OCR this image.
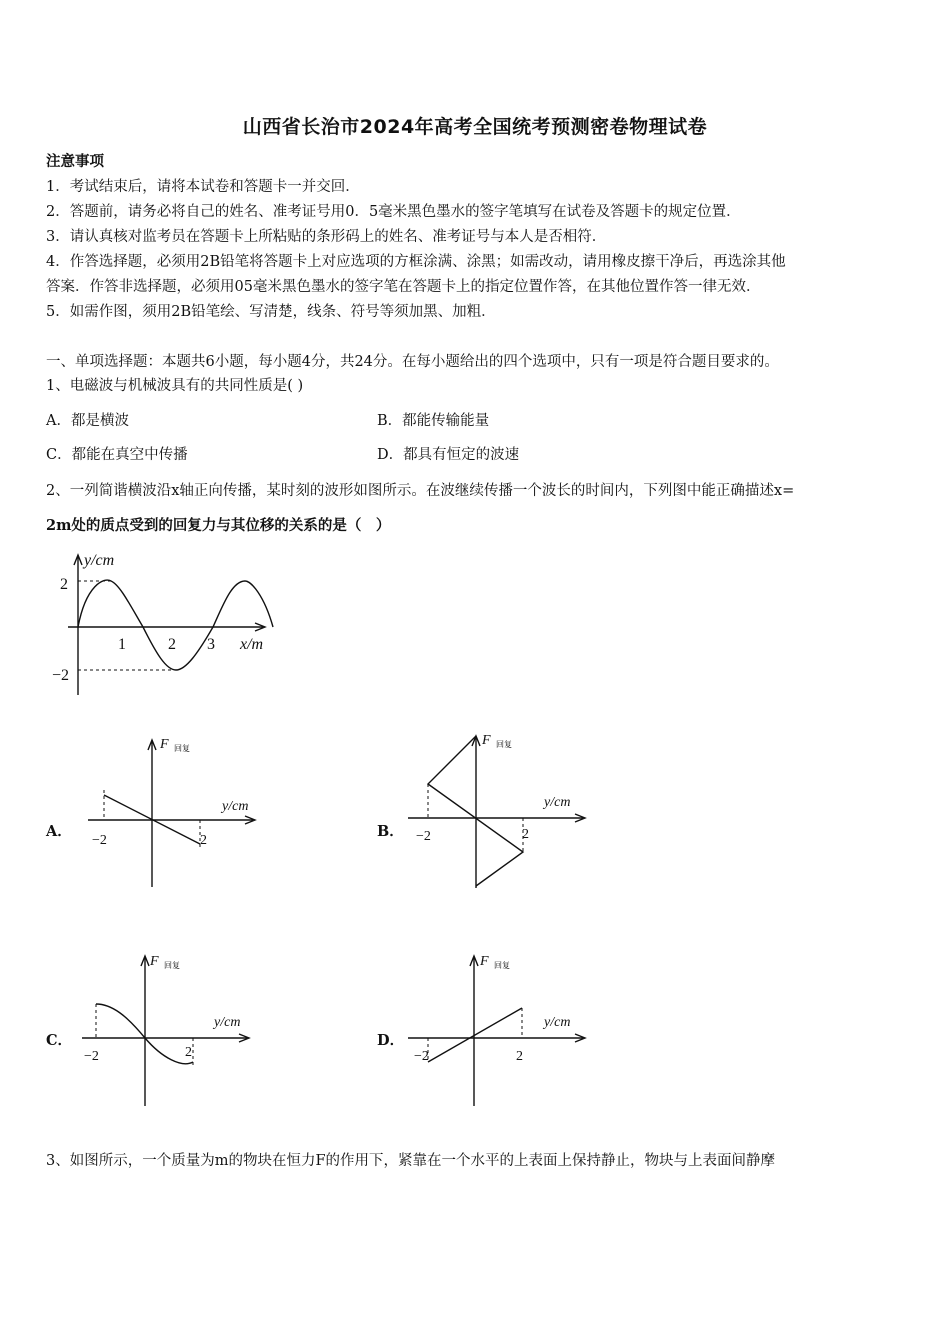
山西省长治市2024年高考全国统考预测密卷物理试卷
注意事项
1．考试结束后，请将本试卷和答题卡一并交回．
2．答题前，请务必将自己的姓名、准考证号用0．5毫米黑色墨水的签字笔填写在试卷及答题卡的规定位置．
3．请认真核对监考员在答题卡上所粘贴的条形码上的姓名、准考证号与本人是否相符．
4．作答选择题，必须用2B铅笔将答题卡上对应选项的方框涂满、涂黑；如需改动，请用橡皮擦干净后，再选涂其他
答案．作答非选择题，必须用05毫米黑色墨水的签字笔在答题卡上的指定位置作答，在其他位置作答一律无效．
5．如需作图，须用2B铅笔绘、写清楚，线条、符号等须加黑、加粗．
一、单项选择题：本题共6小题，每小题4分，共24分。在每小题给出的四个选项中，只有一项是符合题目要求的。
1、电磁波与机械波具有的共同性质是( )
A．都是横波	B．都能传输能量
C．都能在真空中传播	D．都具有恒定的波速
2、一列简谐横波沿x轴正向传播，某时刻的波形如图所示。在波继续传播一个波长的时间内，下列图中能正确描述x=
2m处的质点受到的回复力与其位移的关系的是（　）
y/cm
x/m
2
−2
1	2 3
A．
F 回复
y/cm
−2	2
B．
F 回复
y/cm
−2	2
C．
F 回复
y/cm
−2	2
D．
F 回复
y/cm
−2	2
3、如图所示，一个质量为m的物块在恒力F的作用下，紧靠在一个水平的上表面上保持静止，物块与上表面间静摩
